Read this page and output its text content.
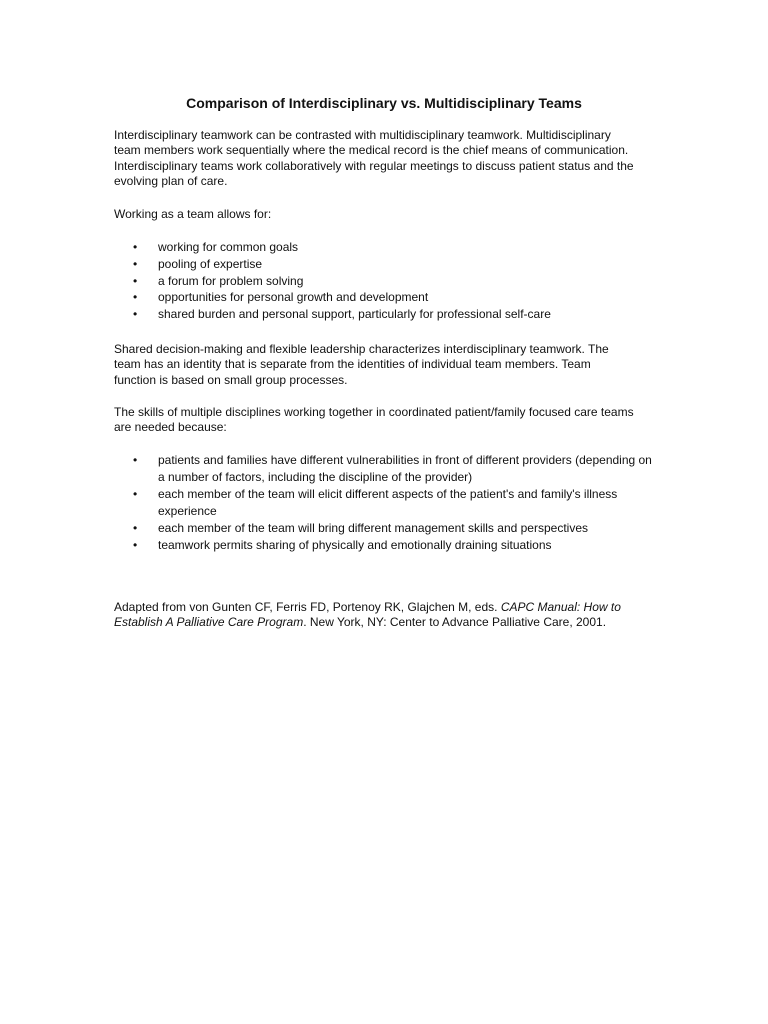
Comparison of Interdisciplinary vs. Multidisciplinary Teams

Interdisciplinary teamwork can be contrasted with multidisciplinary teamwork. Multidisciplinary team members work sequentially where the medical record is the chief means of communication. Interdisciplinary teams work collaboratively with regular meetings to discuss patient status and the evolving plan of care.

Working as a team allows for:

• working for common goals
• pooling of expertise
• a forum for problem solving
• opportunities for personal growth and development
• shared burden and personal support, particularly for professional self-care

Shared decision-making and flexible leadership characterizes interdisciplinary teamwork. The team has an identity that is separate from the identities of individual team members. Team function is based on small group processes.

The skills of multiple disciplines working together in coordinated patient/family focused care teams are needed because:

• patients and families have different vulnerabilities in front of different providers (depending on a number of factors, including the discipline of the provider)
• each member of the team will elicit different aspects of the patient's and family's illness experience
• each member of the team will bring different management skills and perspectives
• teamwork permits sharing of physically and emotionally draining situations

Adapted from von Gunten CF, Ferris FD, Portenoy RK, Glajchen M, eds. CAPC Manual: How to Establish A Palliative Care Program. New York, NY: Center to Advance Palliative Care, 2001.
